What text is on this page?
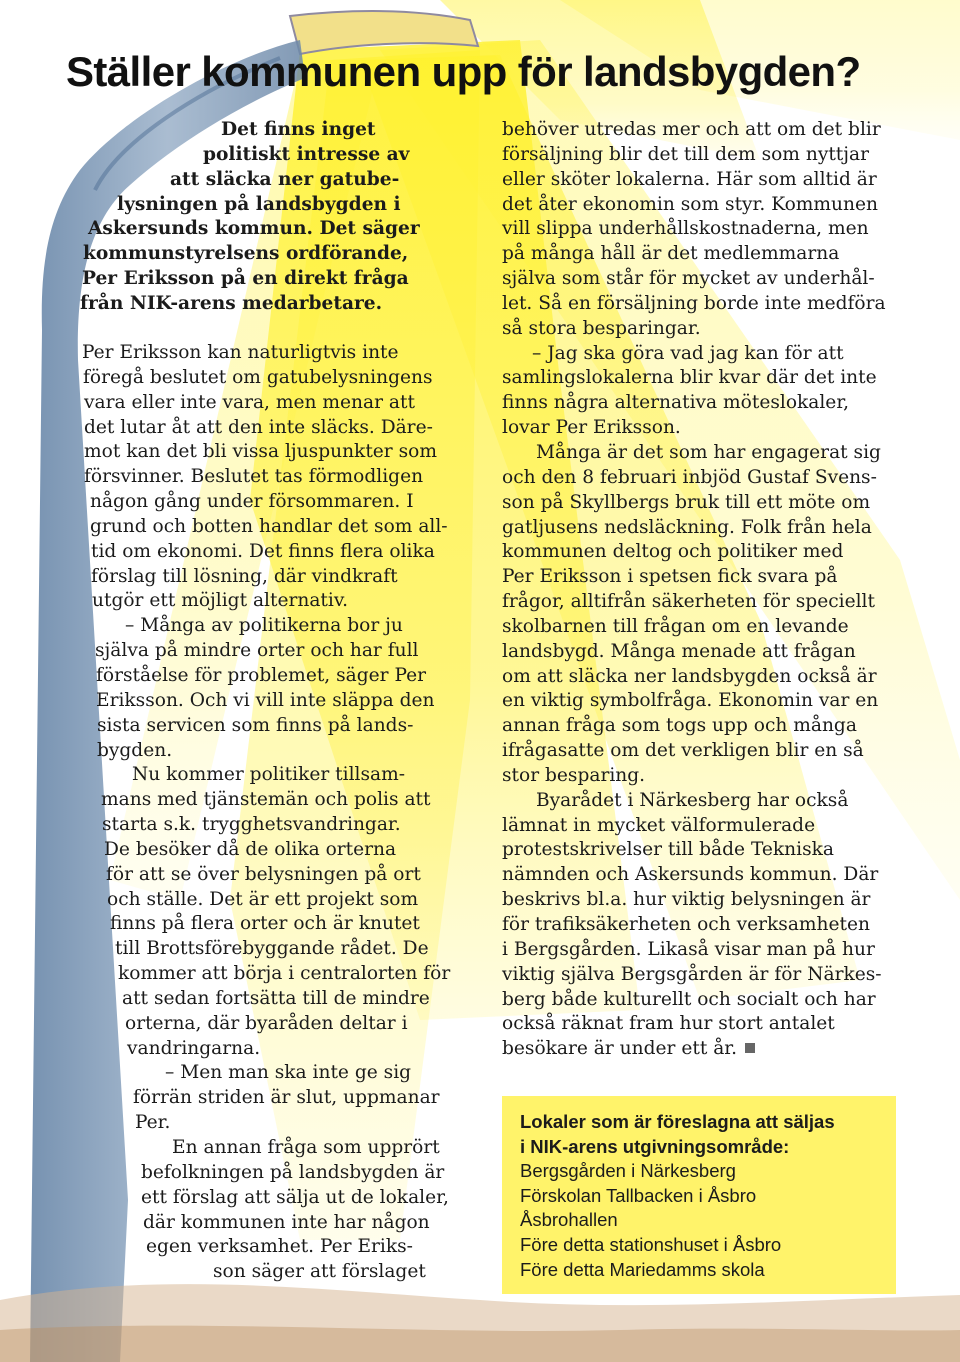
Ställer kommunen upp för landsbygden?
Det finns inget
politiskt intresse av
att släcka ner gatube-
lysningen på landsbygden i
Askersunds kommun. Det säger
kommunstyrelsens ordförande,
Per Eriksson på en direkt fråga
från NIK-arens medarbetare.
Per Eriksson kan naturligtvis inte
föregå beslutet om gatubelysningens
vara eller inte vara, men menar att
det lutar åt att den inte släcks. Däre-
mot kan det bli vissa ljuspunkter som
försvinner. Beslutet tas förmodligen
någon gång under försommaren. I
grund och botten handlar det som all-
tid om ekonomi. Det finns flera olika
förslag till lösning, där vindkraft
utgör ett möjligt alternativ.
– Många av politikerna bor ju
själva på mindre orter och har full
förståelse för problemet, säger Per
Eriksson. Och vi vill inte släppa den
sista servicen som finns på lands-
bygden.
Nu kommer politiker tillsam-
mans med tjänstemän och polis att
starta s.k. trygghetsvandringar.
De besöker då de olika orterna
för att se över belysningen på ort
och ställe. Det är ett projekt som
finns på flera orter och är knutet
till Brottsförebyggande rådet. De
kommer att börja i centralorten för
att sedan fortsätta till de mindre
orterna, där byaråden deltar i
vandringarna.
– Men man ska inte ge sig
förrän striden är slut, uppmanar
Per.
En annan fråga som upprört
befolkningen på landsbygden är
ett förslag att sälja ut de lokaler,
där kommunen inte har någon
egen verksamhet. Per Eriks-
son säger att förslaget
behöver utredas mer och att om det blir
försäljning blir det till dem som nyttjar
eller sköter lokalerna. Här som alltid är
det åter ekonomin som styr. Kommunen
vill slippa underhållskostnaderna, men
på många håll är det medlemmarna
själva som står för mycket av underhål-
let. Så en försäljning borde inte medföra
så stora besparingar.
– Jag ska göra vad jag kan för att
samlingslokalerna blir kvar där det inte
finns några alternativa möteslokaler,
lovar Per Eriksson.
Många är det som har engagerat sig
och den 8 februari inbjöd Gustaf Svens-
son på Skyllbergs bruk till ett möte om
gatljusens nedsläckning. Folk från hela
kommunen deltog och politiker med
Per Eriksson i spetsen fick svara på
frågor, alltifrån säkerheten för speciellt
skolbarnen till frågan om en levande
landsbygd. Många menade att frågan
om att släcka ner landsbygden också är
en viktig symbolfråga. Ekonomin var en
annan fråga som togs upp och många
ifrågasatte om det verkligen blir en så
stor besparing.
Byarådet i Närkesberg har också
lämnat in mycket välformulerade
protestskrivelser till både Tekniska
nämnden och Askersunds kommun. Där
beskrivs bl.a. hur viktig belysningen är
för trafiksäkerheten och verksamheten
i Bergsgården. Likaså visar man på hur
viktig själva Bergsgården är för Närkes-
berg både kulturellt och socialt och har
också räknat fram hur stort antalet
besökare är under ett år.
Lokaler som är föreslagna att säljas
i NIK-arens utgivningsområde:
Bergsgården i Närkesberg
Förskolan Tallbacken i Åsbro
Åsbrohallen
Före detta stationshuset i Åsbro
Före detta Mariedamms skola
